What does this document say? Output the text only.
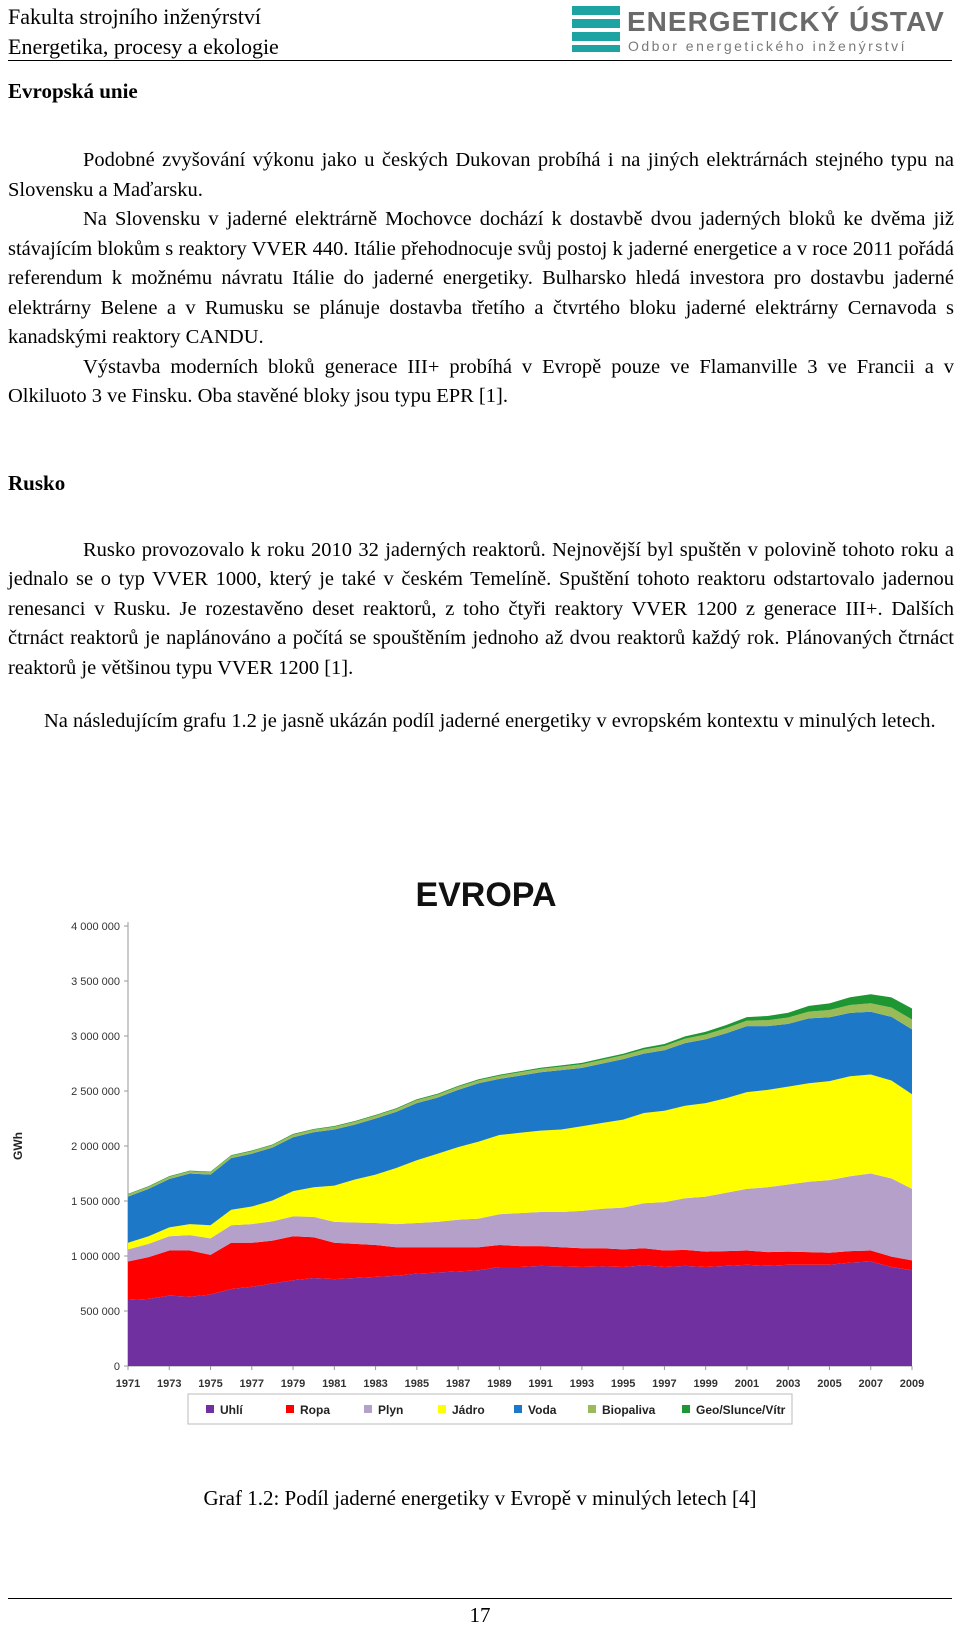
Fakulta strojního inženýrství
Energetika, procesy a ekologie
ENERGETICKÝ ÚSTAV
Odbor energetického inženýrství
Evropská unie

Podobné zvyšování výkonu jako u českých Dukovan probíhá i na jiných elektrárnách stejného typu na Slovensku a Maďarsku.

Na Slovensku v jaderné elektrárně Mochovce dochází k dostavbě dvou jaderných bloků ke dvěma již stávajícím blokům s reaktory VVER 440. Itálie přehodnocuje svůj postoj k jaderné energetice a v roce 2011 pořádá referendum k možnému návratu Itálie do jaderné energetiky. Bulharsko hledá investora pro dostavbu jaderné elektrárny Belene a v Rumusku se plánuje dostavba třetího a čtvrtého bloku jaderné elektrárny Cernavoda s kanadskými reaktory CANDU.

Výstavba moderních bloků generace III+ probíhá v Evropě pouze ve Flamanville 3 ve Francii a v Olkiluoto 3 ve Finsku. Oba stavěné bloky jsou typu EPR [1].

Rusko

Rusko provozovalo k roku 2010 32 jaderných reaktorů. Nejnovější byl spuštěn v polovině tohoto roku a jednalo se o typ VVER 1000, který je také v českém Temelíně. Spuštění tohoto reaktoru odstartovalo jadernou renesanci v Rusku. Je rozestavěno deset reaktorů, z toho čtyři reaktory VVER 1200 z generace III+. Dalších čtrnáct reaktorů je naplánováno a počítá se spouštěním jednoho až dvou reaktorů každý rok. Plánovaných čtrnáct reaktorů je většinou typu VVER 1200 [1].

Na následujícím grafu 1.2 je jasně ukázán podíl jaderné energetiky v evropském kontextu v minulých letech.

EVROPA
GWh
0
500 000
1 000 000
1 500 000
2 000 000
2 500 000
3 000 000
3 500 000
4 000 000
1971 1973 1975 1977 1979 1981 1983 1985 1987 1989 1991 1993 1995 1997 1999 2001 2003 2005 2007 2009
Uhlí	Ropa	Plyn	Jádro	Voda	Biopaliva	Geo/Slunce/Vítr
Graf 1.2: Podíl jaderné energetiky v Evropě v minulých letech [4]
17
